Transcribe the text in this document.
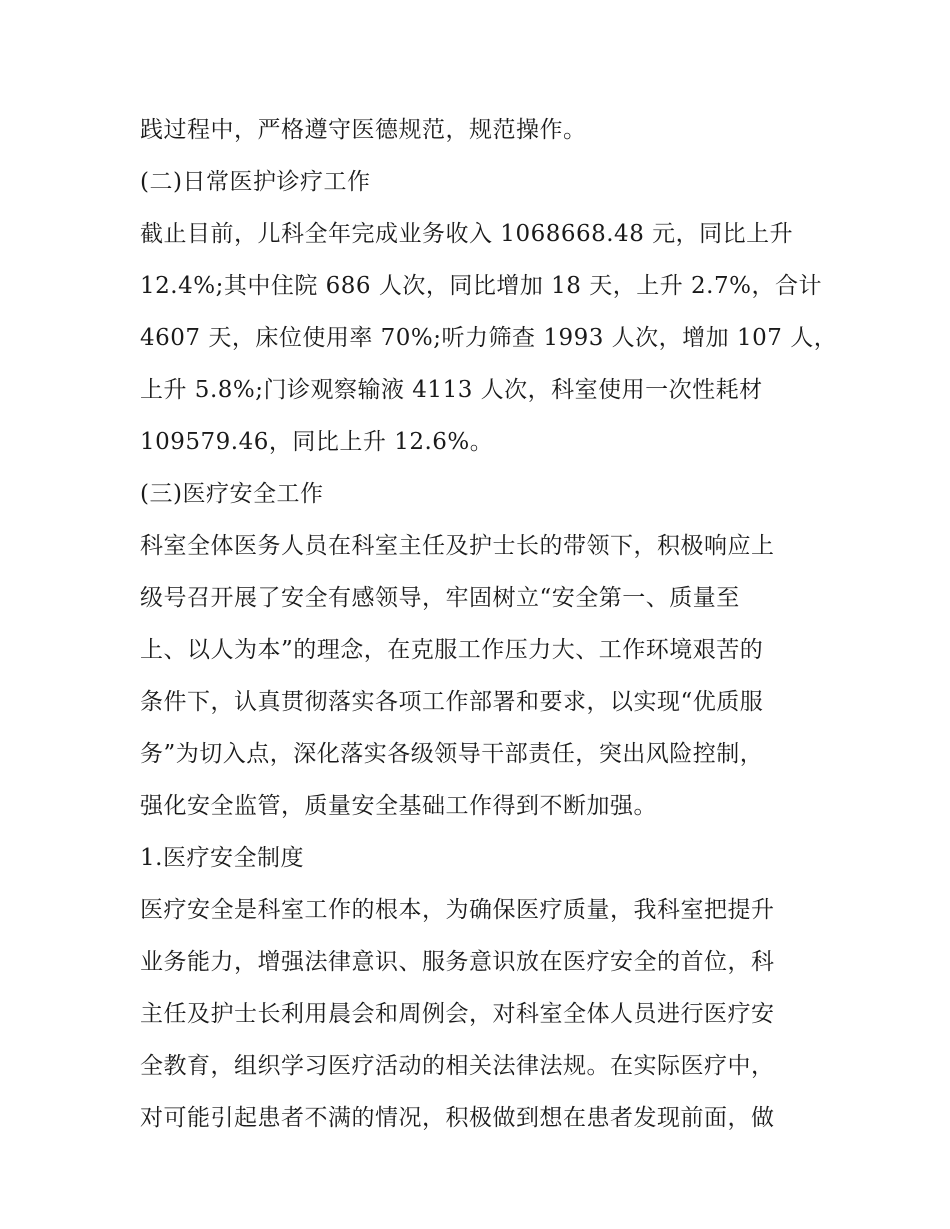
践过程中，严格遵守医德规范，规范操作。
(二)日常医护诊疗工作
截止目前，儿科全年完成业务收入 1068668.48 元，同比上升
12.4%;其中住院 686 人次，同比增加 18 天，上升 2.7%，合计
4607 天，床位使用率 70%;听力筛查 1993 人次，增加 107 人，
上升 5.8%;门诊观察输液 4113 人次，科室使用一次性耗材
109579.46，同比上升 12.6%。
(三)医疗安全工作
科室全体医务人员在科室主任及护士长的带领下，积极响应上
级号召开展了安全有感领导，牢固树立“安全第一、质量至
上、以人为本”的理念，在克服工作压力大、工作环境艰苦的
条件下，认真贯彻落实各项工作部署和要求，以实现“优质服
务”为切入点，深化落实各级领导干部责任，突出风险控制，
强化安全监管，质量安全基础工作得到不断加强。
1.医疗安全制度
医疗安全是科室工作的根本，为确保医疗质量，我科室把提升
业务能力，增强法律意识、服务意识放在医疗安全的首位，科
主任及护士长利用晨会和周例会，对科室全体人员进行医疗安
全教育，组织学习医疗活动的相关法律法规。在实际医疗中，
对可能引起患者不满的情况，积极做到想在患者发现前面，做
